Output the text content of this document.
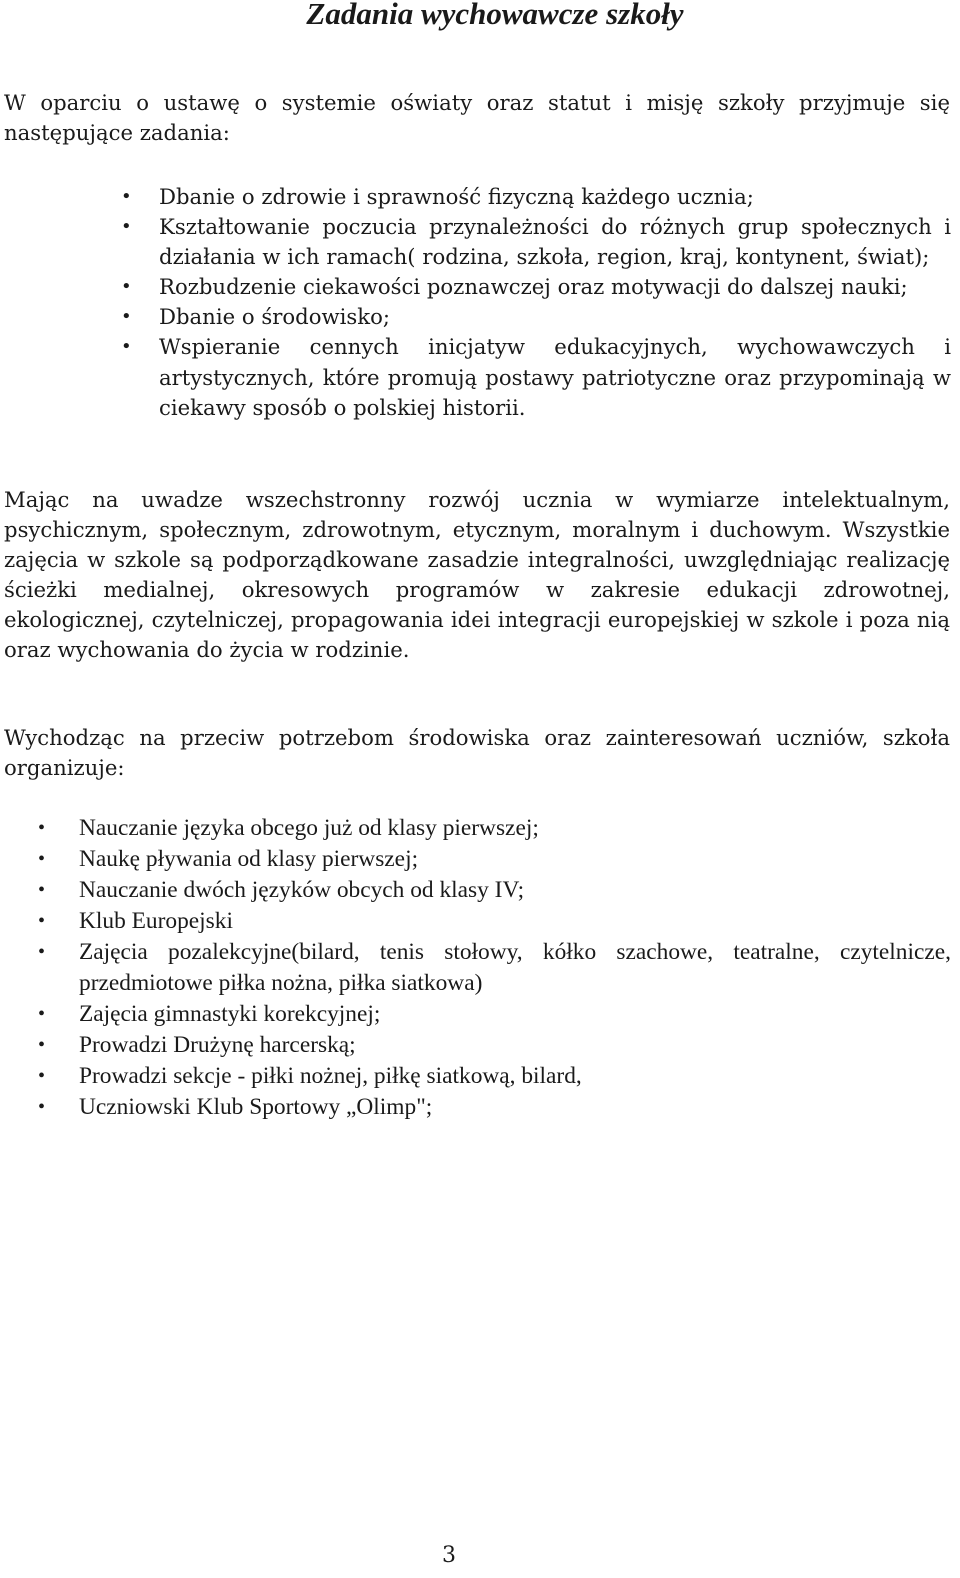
Zadania wychowawcze szkoły

W oparciu o ustawę o systemie oświaty oraz statut i misję szkoły przyjmuje się następujące zadania:

• Dbanie o zdrowie i sprawność fizyczną każdego ucznia;
• Kształtowanie poczucia przynależności do różnych grup społecznych i działania w ich ramach( rodzina, szkoła, region, kraj, kontynent, świat);
• Rozbudzenie ciekawości poznawczej oraz motywacji do dalszej nauki;
• Dbanie o środowisko;
• Wspieranie cennych inicjatyw edukacyjnych, wychowawczych i artystycznych, które promują postawy patriotyczne oraz przypominają w ciekawy sposób o polskiej historii.

Mając na uwadze wszechstronny rozwój ucznia w wymiarze intelektualnym, psychicznym, społecznym, zdrowotnym, etycznym, moralnym i duchowym. Wszystkie zajęcia w szkole są podporządkowane zasadzie integralności, uwzględniając realizację ścieżki medialnej, okresowych programów w zakresie edukacji zdrowotnej, ekologicznej, czytelniczej, propagowania idei integracji europejskiej w szkole i poza nią oraz wychowania do życia w rodzinie.

Wychodząc na przeciw potrzebom środowiska oraz zainteresowań uczniów, szkoła organizuje:

• Nauczanie języka obcego już od klasy pierwszej;
• Naukę pływania od klasy pierwszej;
• Nauczanie dwóch języków obcych od klasy IV;
• Klub Europejski
• Zajęcia pozalekcyjne(bilard, tenis stołowy, kółko szachowe, teatralne, czytelnicze, przedmiotowe piłka nożna, piłka siatkowa)
• Zajęcia gimnastyki korekcyjnej;
• Prowadzi Drużynę harcerską;
• Prowadzi sekcje - piłki nożnej, piłkę siatkową, bilard,
• Uczniowski Klub Sportowy „Olimp";
3
